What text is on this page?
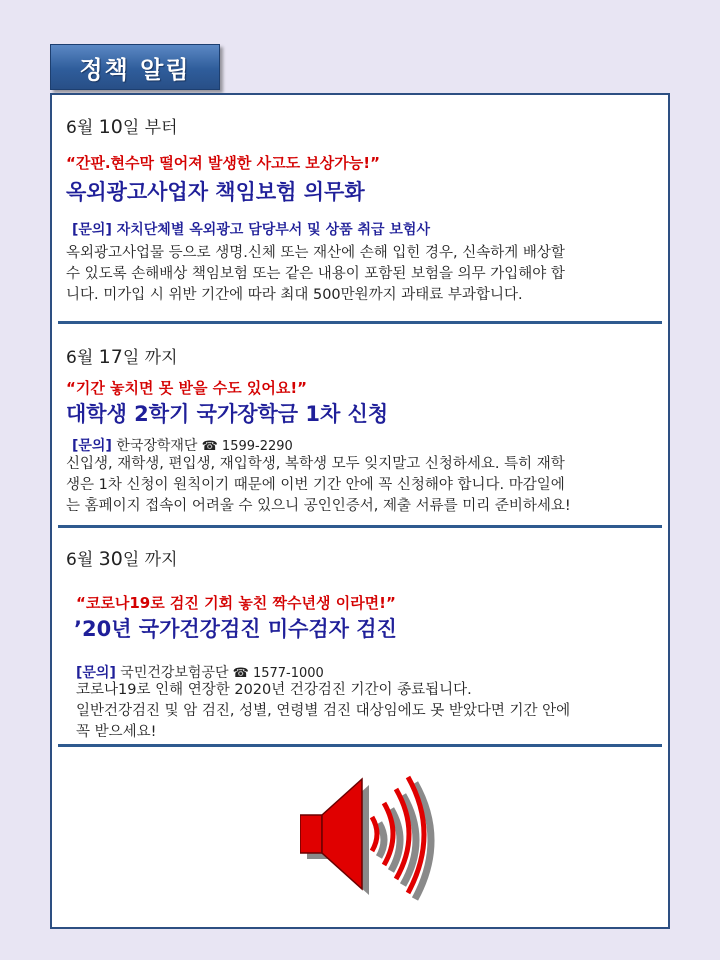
정책 알림
6월 10일 부터
“간판.현수막 떨어져 발생한 사고도 보상가능!”
옥외광고사업자 책임보험 의무화
[문의] 자치단체별 옥외광고 담당부서 및 상품 취급 보험사
옥외광고사업물 등으로 생명.신체 또는 재산에 손해 입힌 경우, 신속하게 배상할
수 있도록 손해배상 책임보험 또는 같은 내용이 포함된 보험을 의무 가입해야 합
니다. 미가입 시 위반 기간에 따라 최대 500만원까지 과태료 부과합니다.
6월 17일 까지
“기간 놓치면 못 받을 수도 있어요!”
대학생 2학기 국가장학금 1차 신청
[문의] 한국장학재단 ☎ 1599-2290
신입생, 재학생, 편입생, 재입학생, 복학생 모두 잊지말고 신청하세요. 특히 재학
생은 1차 신청이 원칙이기 때문에 이번 기간 안에 꼭 신청해야 합니다. 마감일에
는 홈페이지 접속이 어려울 수 있으니 공인인증서, 제출 서류를 미리 준비하세요!
6월 30일 까지
“코로나19로 검진 기회 놓친 짝수년생 이라면!”
’20년 국가건강검진 미수검자 검진
[문의] 국민건강보험공단 ☎ 1577-1000
코로나19로 인해 연장한 2020년 건강검진 기간이 종료됩니다.
일반건강검진 및 암 검진, 성별, 연령별 검진 대상임에도 못 받았다면 기간 안에
꼭 받으세요!
